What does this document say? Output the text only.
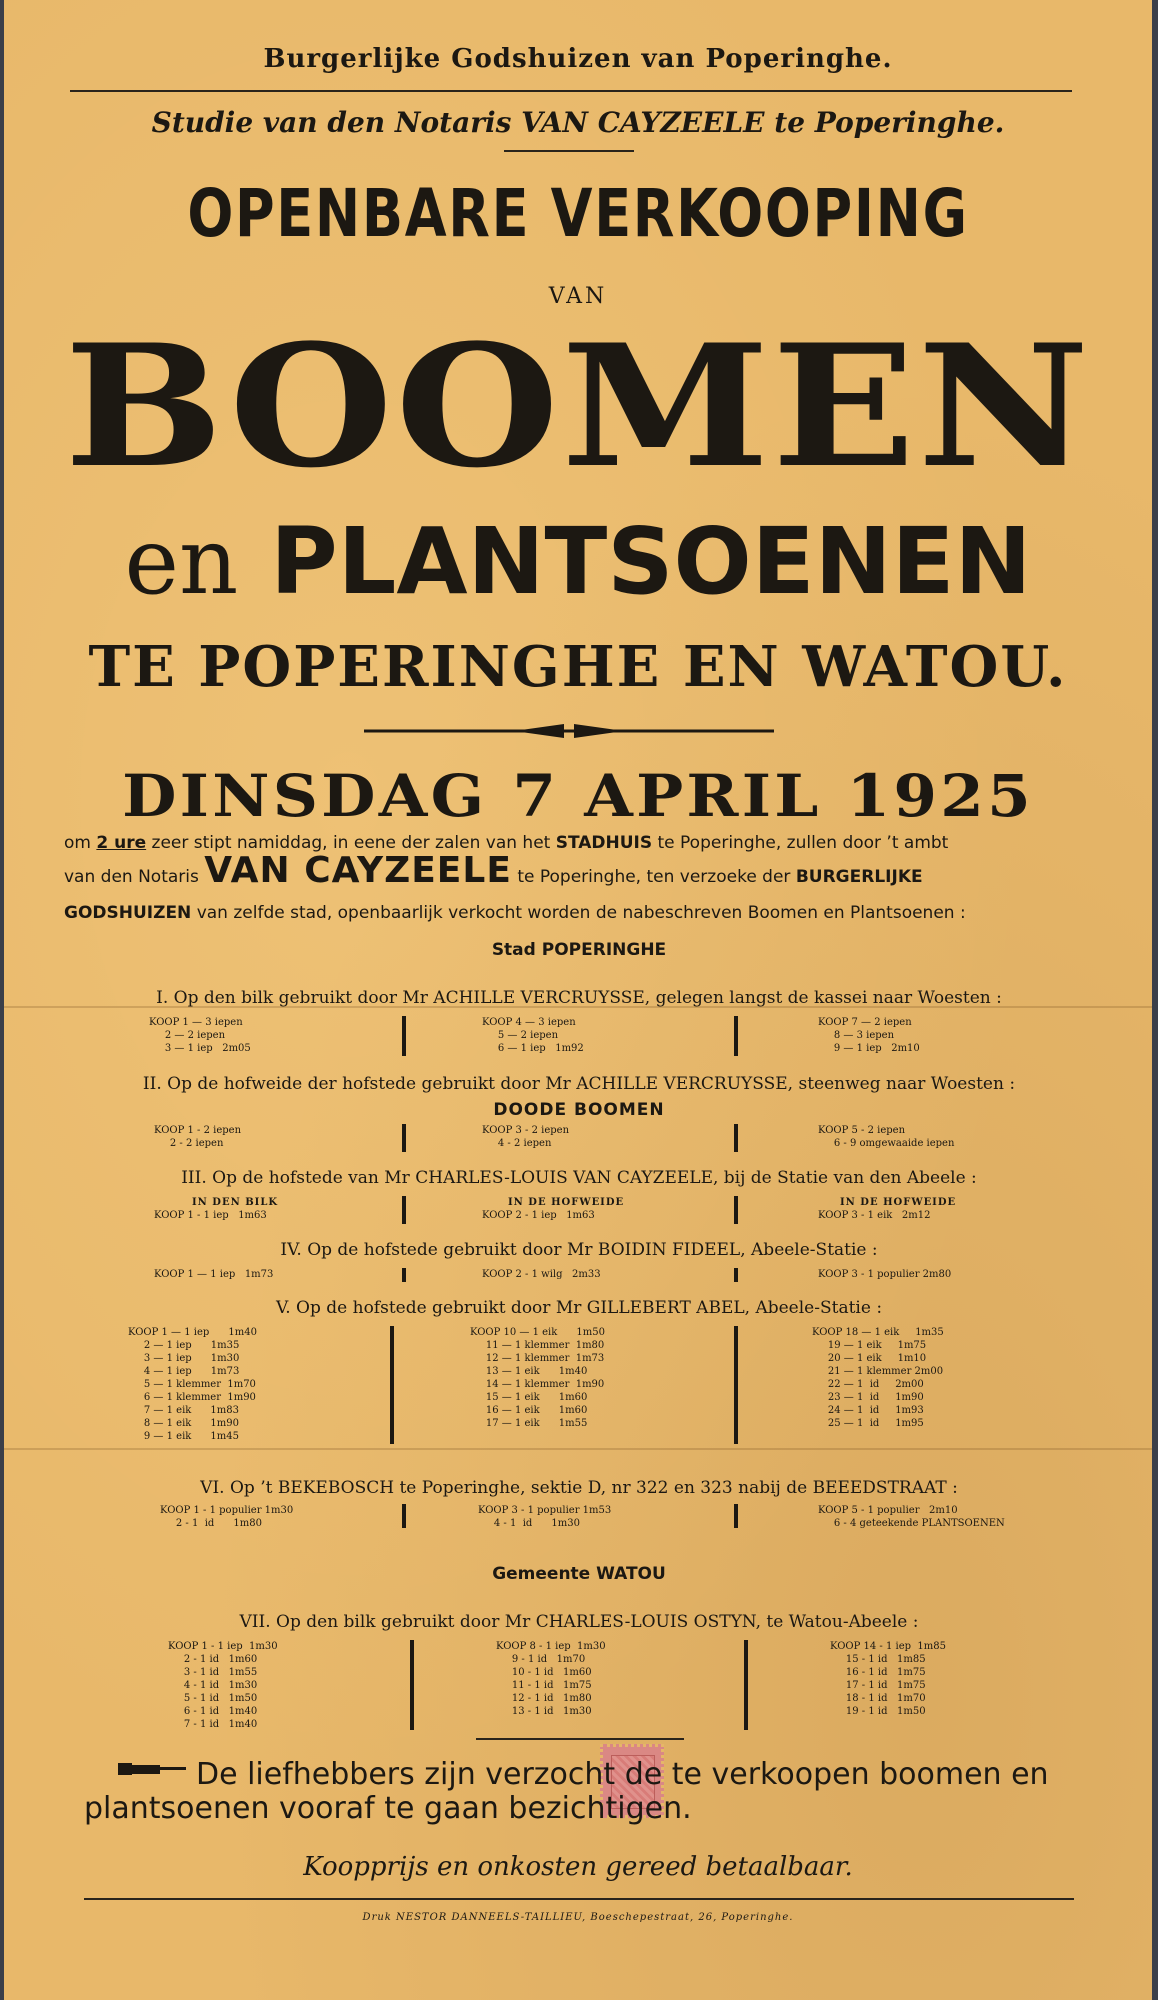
Burgerlijke Godshuizen van Poperinghe.
Studie van den Notaris VAN CAYZEELE te Poperinghe.
OPENBARE VERKOOPING
VAN
BOOMEN
en PLANTSOENEN
TE POPERINGHE EN WATOU.
DINSDAG 7 APRIL 1925
om 2 ure zeer stipt namiddag, in eene der zalen van het STADHUIS te Poperinghe, zullen door ’t ambt
van den Notaris VAN CAYZEELE te Poperinghe, ten verzoeke der BURGERLIJKE
GODSHUIZEN van zelfde stad, openbaarlijk verkocht worden de nabeschreven Boomen en Plantsoenen :
Stad POPERINGHE
I. Op den bilk gebruikt door Mr ACHILLE VERCRUYSSE, gelegen langst de kassei naar Woesten :
KOOP 1 — 3 iepen
2 — 2 iepen
3 — 1 iep   2m05
KOOP 4 — 3 iepen
5 — 2 iepen
6 — 1 iep   1m92
KOOP 7 — 2 iepen
8 — 3 iepen
9 — 1 iep   2m10
II. Op de hofweide der hofstede gebruikt door Mr ACHILLE VERCRUYSSE, steenweg naar Woesten :
DOODE BOOMEN
KOOP 1 - 2 iepen
2 - 2 iepen
KOOP 3 - 2 iepen
4 - 2 iepen
KOOP 5 - 2 iepen
6 - 9 omgewaaide iepen
III. Op de hofstede van Mr CHARLES-LOUIS VAN CAYZEELE, bij de Statie van den Abeele :
IN DEN BILK
KOOP 1 - 1 iep   1m63
IN DE HOFWEIDE
KOOP 2 - 1 iep   1m63
IN DE HOFWEIDE
KOOP 3 - 1 eik   2m12
IV. Op de hofstede gebruikt door Mr BOIDIN FIDEEL, Abeele-Statie :
KOOP 1 — 1 iep   1m73	KOOP 2 - 1 wilg   2m33	KOOP 3 - 1 populier 2m80
V. Op de hofstede gebruikt door Mr GILLEBERT ABEL, Abeele-Statie :
KOOP 1 — 1 iep      1m40
2 — 1 iep      1m35
3 — 1 iep      1m30
4 — 1 iep      1m73
5 — 1 klemmer  1m70
6 — 1 klemmer  1m90
7 — 1 eik      1m83
8 — 1 eik      1m90
9 — 1 eik      1m45
KOOP 10 — 1 eik      1m50
11 — 1 klemmer  1m80
12 — 1 klemmer  1m73
13 — 1 eik      1m40
14 — 1 klemmer  1m90
15 — 1 eik      1m60
16 — 1 eik      1m60
17 — 1 eik      1m55
KOOP 18 — 1 eik     1m35
19 — 1 eik     1m75
20 — 1 eik     1m10
21 — 1 klemmer 2m00
22 — 1  id     2m00
23 — 1  id     1m90
24 — 1  id     1m93
25 — 1  id     1m95
VI. Op ’t BEKEBOSCH te Poperinghe, sektie D, nr 322 en 323 nabij de BEEEDSTRAAT :
KOOP 1 - 1 populier 1m30
2 - 1  id      1m80
KOOP 3 - 1 populier 1m53
4 - 1  id      1m30
KOOP 5 - 1 populier   2m10
6 - 4 geteekende PLANTSOENEN
Gemeente WATOU
VII. Op den bilk gebruikt door Mr CHARLES-LOUIS OSTYN, te Watou-Abeele :
KOOP 1 - 1 iep  1m30
2 - 1 id   1m60
3 - 1 id   1m55
4 - 1 id   1m30
5 - 1 id   1m50
6 - 1 id   1m40
7 - 1 id   1m40
KOOP 8 - 1 iep  1m30
9 - 1 id   1m70
10 - 1 id   1m60
11 - 1 id   1m75
12 - 1 id   1m80
13 - 1 id   1m30
KOOP 14 - 1 iep  1m85
15 - 1 id   1m85
16 - 1 id   1m75
17 - 1 id   1m75
18 - 1 id   1m70
19 - 1 id   1m50
De liefhebbers zijn verzocht de te verkoopen boomen en plantsoenen vooraf te gaan bezichtigen.
Koopprijs en onkosten gereed betaalbaar.
Druk NESTOR DANNEELS-TAILLIEU, Boeschepestraat, 26, Poperinghe.
